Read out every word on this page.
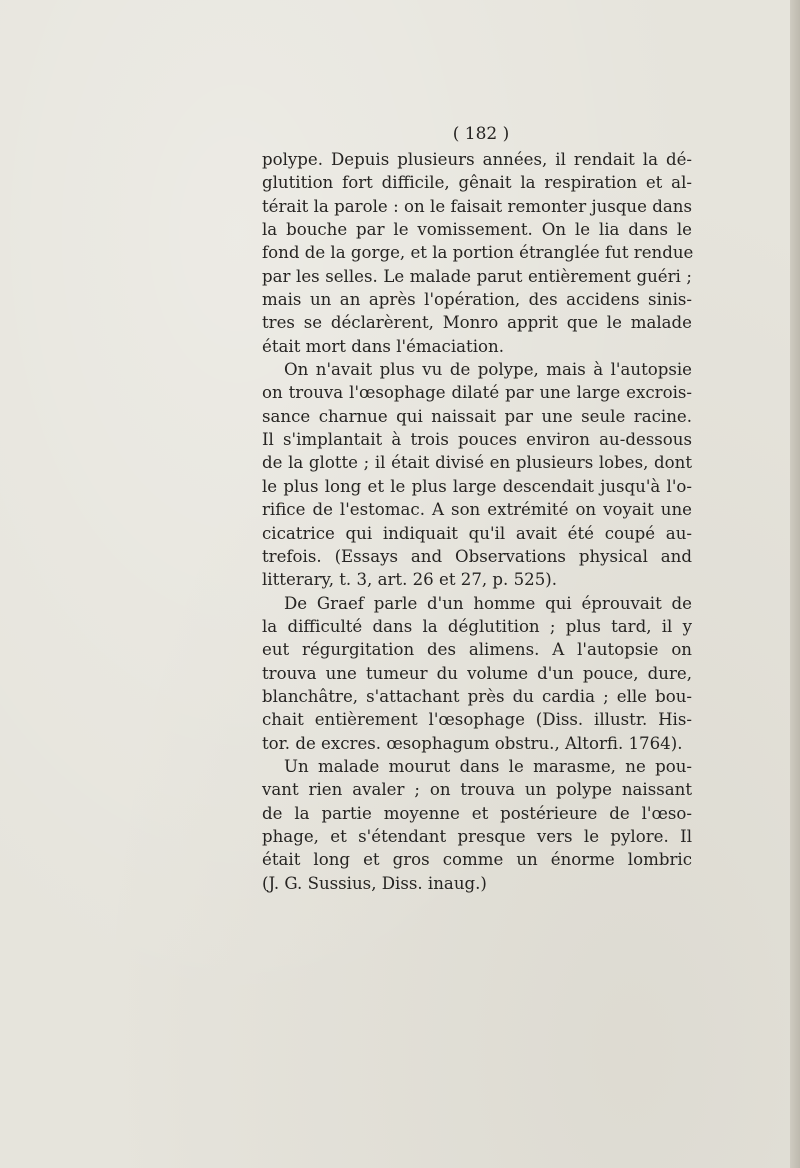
( 182 )
polype. Depuis plusieurs années, il rendait la dé-
glutition fort difficile, gênait la respiration et al-
térait la parole : on le faisait remonter jusque dans
la bouche par le vomissement. On le lia dans le
fond de la gorge, et la portion étranglée fut rendue
par les selles. Le malade parut entièrement guéri ;
mais un an après l'opération, des accidens sinis-
tres se déclarèrent, Monro apprit que le malade
était mort dans l'émaciation.
On n'avait plus vu de polype, mais à l'autopsie
on trouva l'œsophage dilaté par une large excrois-
sance charnue qui naissait par une seule racine.
Il s'implantait à trois pouces environ au-dessous
de la glotte ; il était divisé en plusieurs lobes, dont
le plus long et le plus large descendait jusqu'à l'o-
rifice de l'estomac. A son extrémité on voyait une
cicatrice qui indiquait qu'il avait été coupé au-
trefois. (Essays and Observations physical and
litterary, t. 3, art. 26 et 27, p. 525).
De Graef parle d'un homme qui éprouvait de
la difficulté dans la déglutition ; plus tard, il y
eut régurgitation des alimens. A l'autopsie on
trouva une tumeur du volume d'un pouce, dure,
blanchâtre, s'attachant près du cardia ; elle bou-
chait entièrement l'œsophage (Diss. illustr. His-
tor. de excres. œsophagum obstru., Altorfi. 1764).
Un malade mourut dans le marasme, ne pou-
vant rien avaler ; on trouva un polype naissant
de la partie moyenne et postérieure de l'œso-
phage, et s'étendant presque vers le pylore. Il
était long et gros comme un énorme lombric
(J. G. Sussius, Diss. inaug.)
